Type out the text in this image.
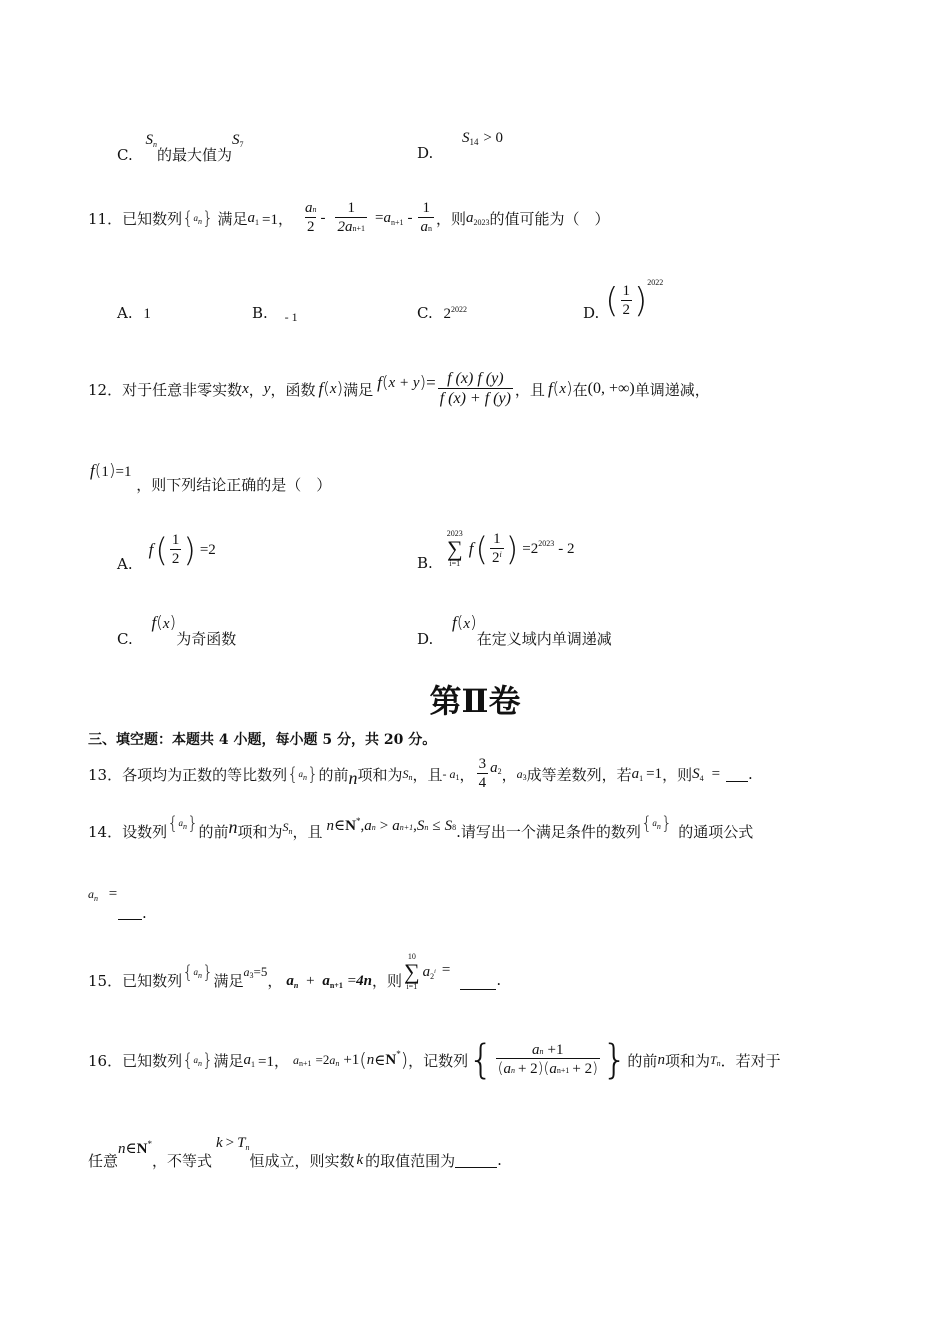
C. $S_n$的最大值为$S_7$	D. $S_{14} > 0$
11．已知数列 { a n } 满足 a 1 =1， $\frac{an}{2} - \frac{1}{2an+1} = a$ $n+1 - \frac{1}{an}$ ，则 a 2023 的值可能为（　）
A. 1	B. $_{- 1}$	C. $2^{2022}$	D. ( $\frac{1}{2}$ ) 2022
12．对于任意非零实数 x ， y ，函数 f ( x ) 满足 f ( x + y ) = $\frac{f (x) f (y)}{f (x) + f (y)}$ ，且 f ( x ) 在 (0, +∞) 单调递减，
f(1)=1 ，则下列结论正确的是（　）
A.
f ( $\frac{1}{2}$ ) =2
B.
2023
∑
i=1
f ( $\frac{1}{2^i}$ ) =2 2023 - 2
C. f(x)为奇函数	D. f(x)在定义域内单调递减
第Ⅱ卷
三、填空题：本题共 4 小题，每小题 5 分，共 20 分。
13．各项均为正数的等比数列 { a n } 的前 n 项和为 S n ，且 - a 1 ， $\frac{3}{4}$ a 2 ， a 3 成等差数列，若 a 1 =1 ，则 S 4 = .
14．设数列 { a n } 的前 n 项和为 S n ，且 n∈N*,an > an+1,Sn ≤ S8 .请写出一个满足条件的数列 { a n } 的通项公式
$a_n$ =
.
15．已知数列 { a n } 满足 a 3 =5 ， $a_n + a_{n+1} =4n$ ，则
10
∑
i=1
a 2 i =
.
16．已知数列 { a n } 满足 a 1 =1， a n+1 =2 a n +1 ( n ∈ N * ) ，记数列 { $\frac{an +1}{(an + 2)(an+1 + 2)}$ } 的前 n 项和为 T n ．若对于
任意
n∈N*
，不等式
$k > T_n$
恒成立，则实数 k 的取值范围为	.
